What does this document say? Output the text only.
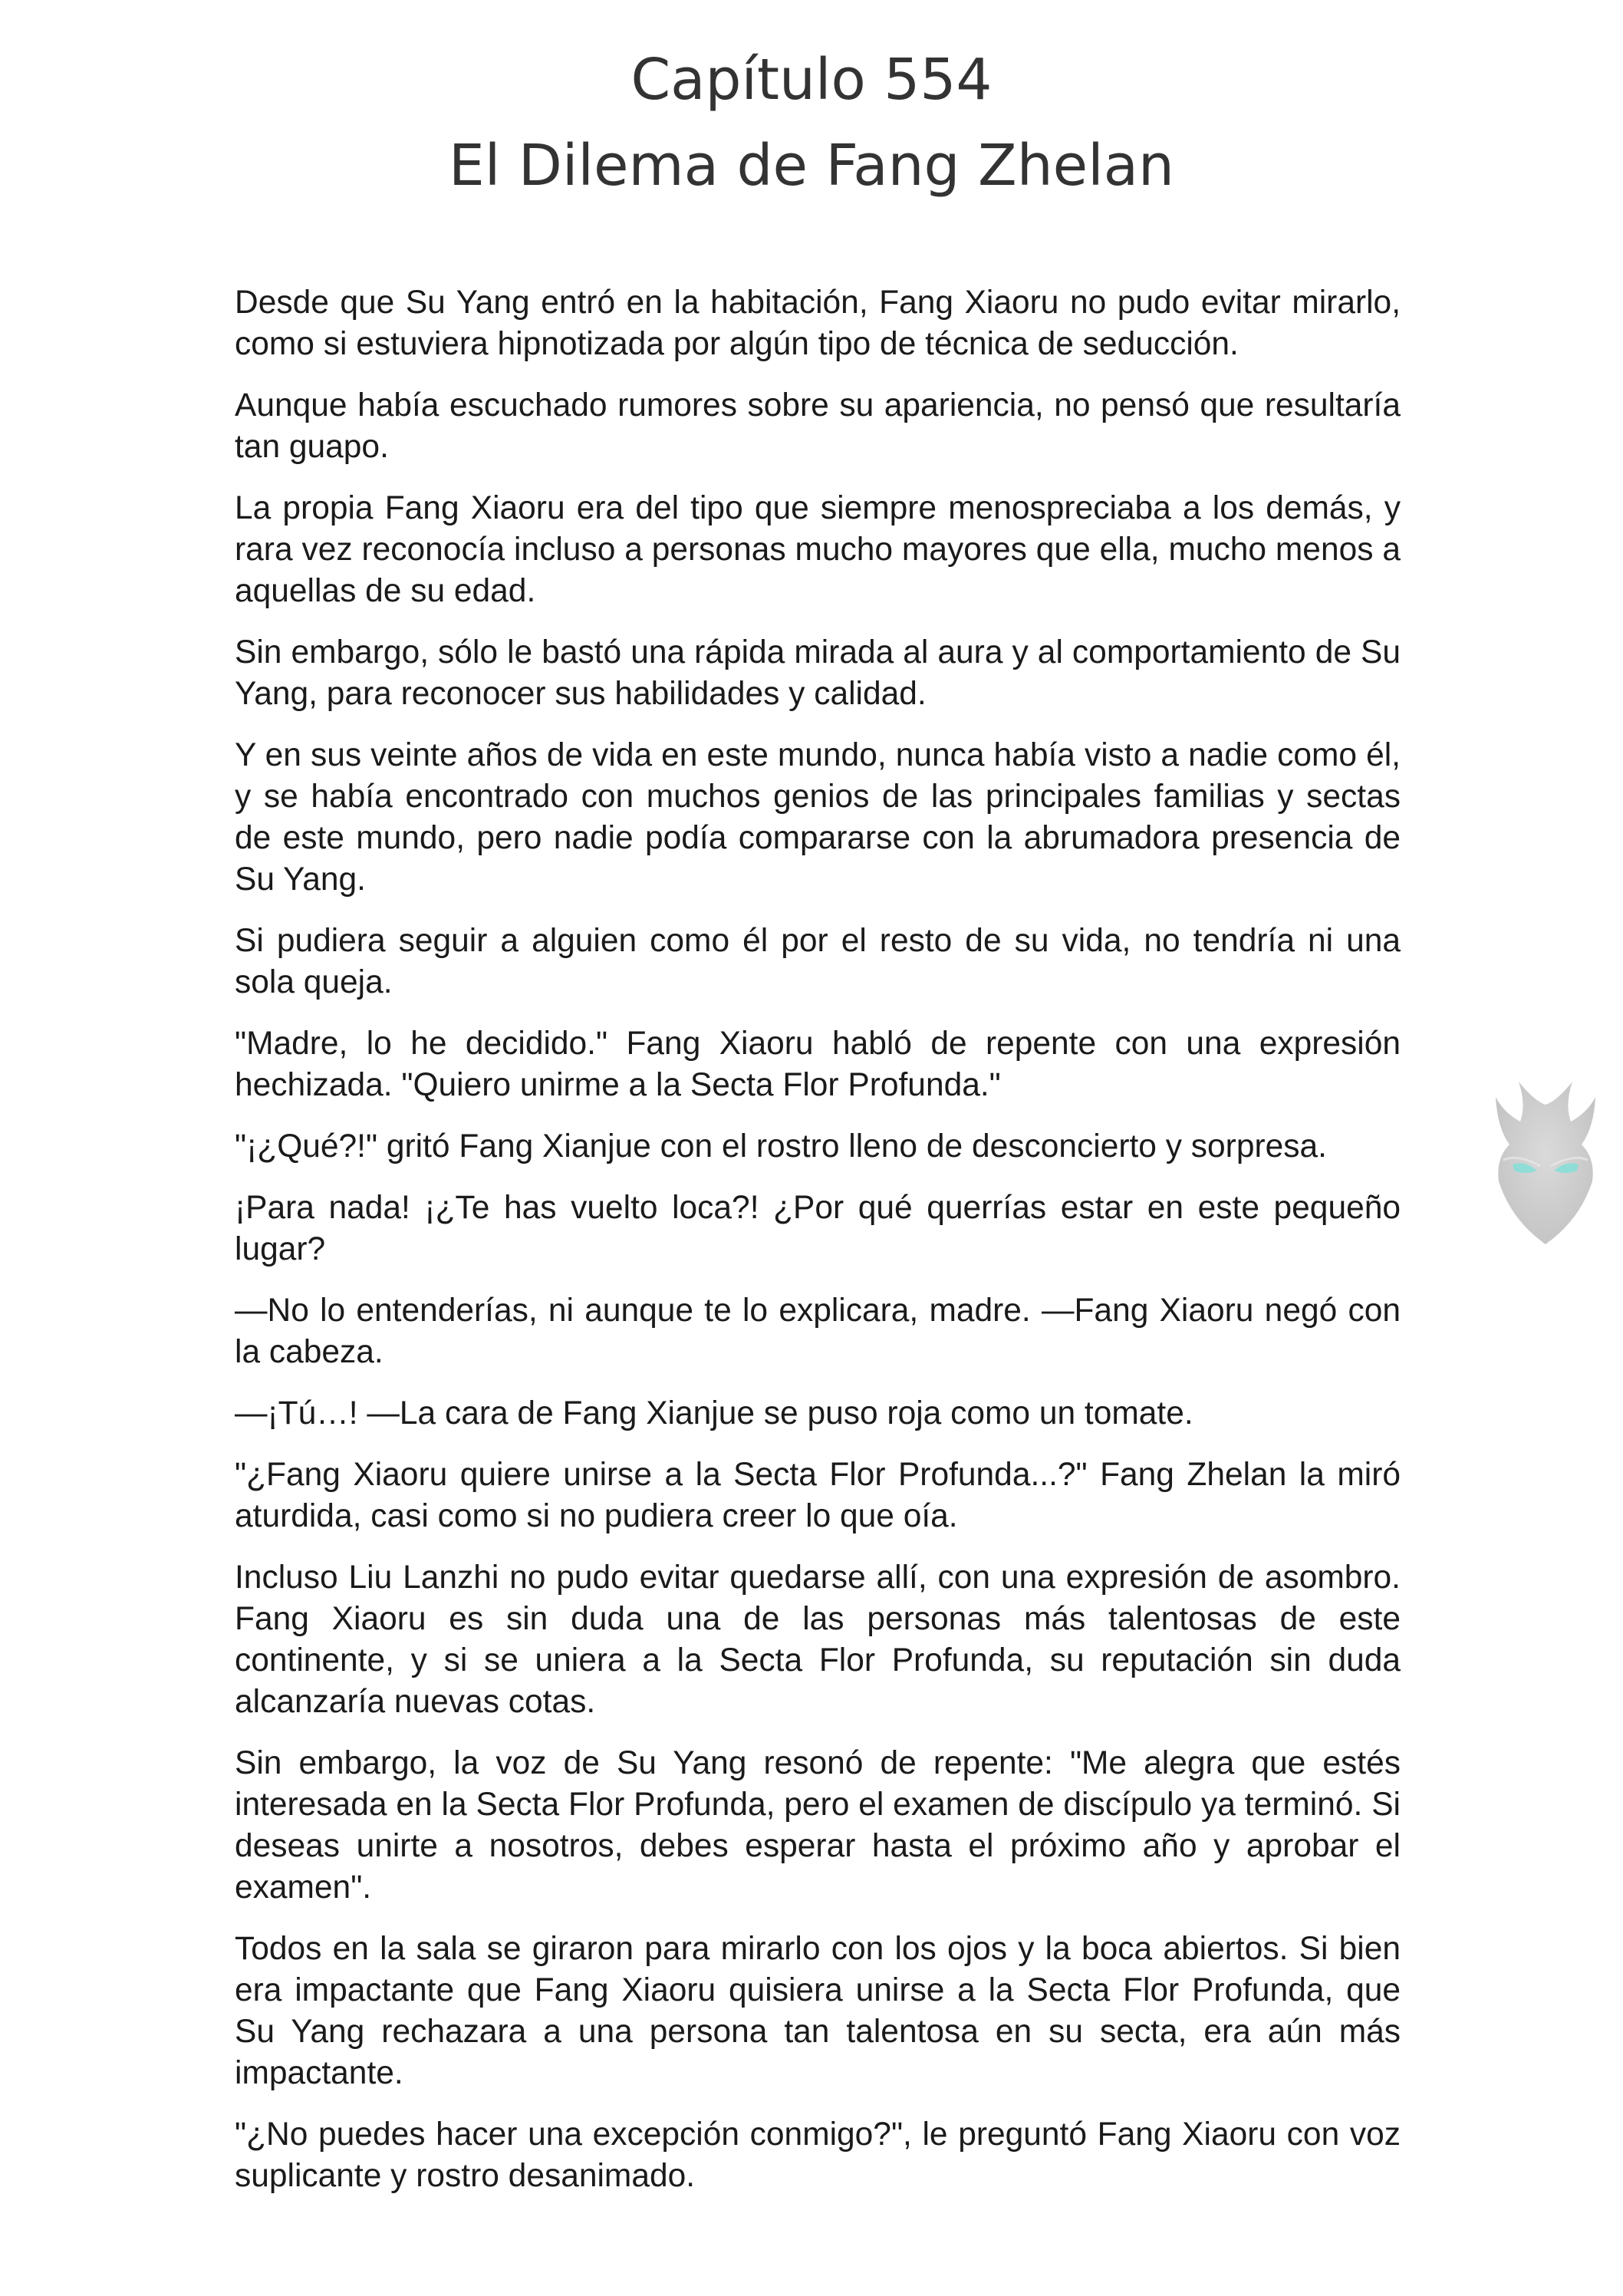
Capítulo 554

El Dilema de Fang Zhelan

Desde que Su Yang entró en la habitación, Fang Xiaoru no pudo evitar mirarlo, como si estuviera hipnotizada por algún tipo de técnica de seducción.

Aunque había escuchado rumores sobre su apariencia, no pensó que resultaría tan guapo.

La propia Fang Xiaoru era del tipo que siempre menospreciaba a los demás, y rara vez reconocía incluso a personas mucho mayores que ella, mucho menos a aquellas de su edad.

Sin embargo, sólo le bastó una rápida mirada al aura y al comportamiento de Su Yang, para reconocer sus habilidades y calidad.

Y en sus veinte años de vida en este mundo, nunca había visto a nadie como él, y se había encontrado con muchos genios de las principales familias y sectas de este mundo, pero nadie podía compararse con la abrumadora presencia de Su Yang.

Si pudiera seguir a alguien como él por el resto de su vida, no tendría ni una sola queja.

"Madre, lo he decidido." Fang Xiaoru habló de repente con una expresión hechizada. "Quiero unirme a la Secta Flor Profunda."

"¡¿Qué?!" gritó Fang Xianjue con el rostro lleno de desconcierto y sorpresa.

¡Para nada! ¡¿Te has vuelto loca?! ¿Por qué querrías estar en este pequeño lugar?

—No lo entenderías, ni aunque te lo explicara, madre. —Fang Xiaoru negó con la cabeza.

—¡Tú…! —La cara de Fang Xianjue se puso roja como un tomate.

"¿Fang Xiaoru quiere unirse a la Secta Flor Profunda...?" Fang Zhelan la miró aturdida, casi como si no pudiera creer lo que oía.

Incluso Liu Lanzhi no pudo evitar quedarse allí, con una expresión de asombro. Fang Xiaoru es sin duda una de las personas más talentosas de este continente, y si se uniera a la Secta Flor Profunda, su reputación sin duda alcanzaría nuevas cotas.

Sin embargo, la voz de Su Yang resonó de repente: "Me alegra que estés interesada en la Secta Flor Profunda, pero el examen de discípulo ya terminó. Si deseas unirte a nosotros, debes esperar hasta el próximo año y aprobar el examen".

Todos en la sala se giraron para mirarlo con los ojos y la boca abiertos. Si bien era impactante que Fang Xiaoru quisiera unirse a la Secta Flor Profunda, que Su Yang rechazara a una persona tan talentosa en su secta, era aún más impactante.

"¿No puedes hacer una excepción conmigo?", le preguntó Fang Xiaoru con voz suplicante y rostro desanimado.
